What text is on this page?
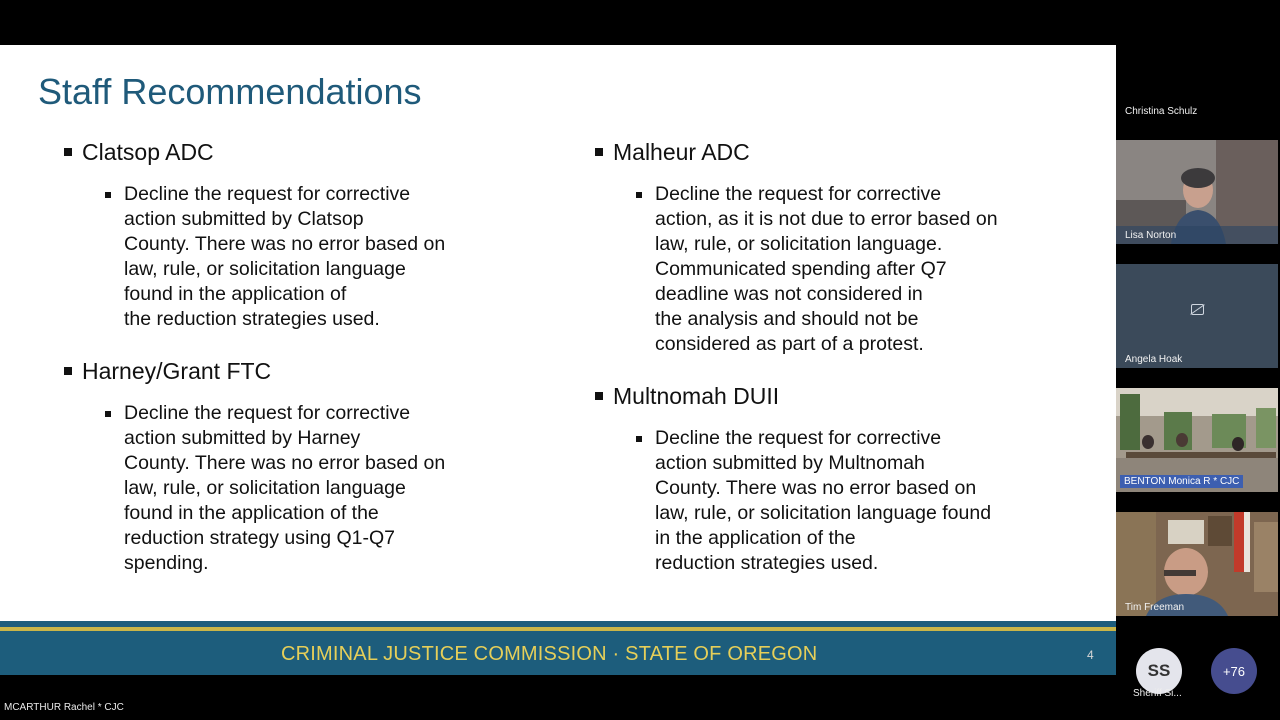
Staff Recommendations
Clatsop ADC
Decline the request for corrective
action submitted by Clatsop
County. There was no error based on
law, rule, or solicitation language
found in the application of
the reduction strategies used.
Harney/Grant FTC
Decline the request for corrective
action submitted by Harney
County. There was no error based on
law, rule, or solicitation language
found in the application of the
reduction strategy using Q1-Q7
spending.
Malheur ADC
Decline the request for corrective
action, as it is not due to error based on
law, rule, or solicitation language.
Communicated spending after Q7
deadline was not considered in
the analysis and should not be
considered as part of a protest.
Multnomah DUII
Decline the request for corrective
action submitted by Multnomah
County. There was no error based on
law, rule, or solicitation language found
in the application of the
reduction strategies used.
CRIMINAL JUSTICE COMMISSION · STATE OF OREGON	4
MCARTHUR Rachel * CJC
Christina Schulz
Lisa Norton
Angela Hoak
BENTON Monica R * CJC
Tim Freeman
SS	+76
Sheriff Si...
